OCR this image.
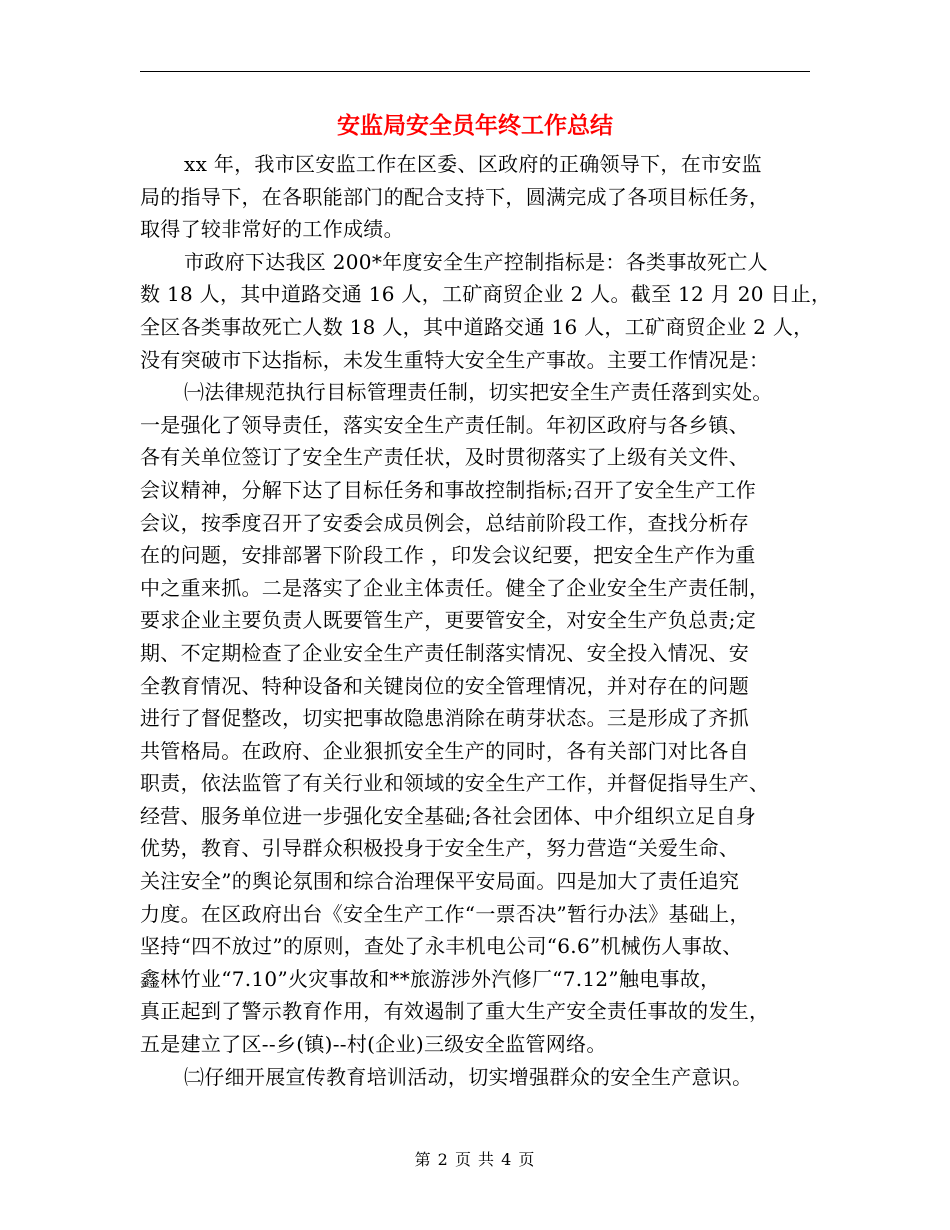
安监局安全员年终工作总结
xx 年，我市区安监工作在区委、区政府的正确领导下，在市安监
局的指导下，在各职能部门的配合支持下，圆满完成了各项目标任务，
取得了较非常好的工作成绩。
市政府下达我区 200*年度安全生产控制指标是：各类事故死亡人
数 18 人，其中道路交通 16 人，工矿商贸企业 2 人。截至 12 月 20 日止，
全区各类事故死亡人数 18 人，其中道路交通 16 人，工矿商贸企业 2 人，
没有突破市下达指标，未发生重特大安全生产事故。主要工作情况是：
㈠法律规范执行目标管理责任制，切实把安全生产责任落到实处。
一是强化了领导责任，落实安全生产责任制。年初区政府与各乡镇、
各有关单位签订了安全生产责任状，及时贯彻落实了上级有关文件、
会议精神，分解下达了目标任务和事故控制指标;召开了安全生产工作
会议，按季度召开了安委会成员例会，总结前阶段工作，查找分析存
在的问题，安排部署下阶段工作 ，印发会议纪要，把安全生产作为重
中之重来抓。二是落实了企业主体责任。健全了企业安全生产责任制，
要求企业主要负责人既要管生产，更要管安全，对安全生产负总责;定
期、不定期检查了企业安全生产责任制落实情况、安全投入情况、安
全教育情况、特种设备和关键岗位的安全管理情况，并对存在的问题
进行了督促整改，切实把事故隐患消除在萌芽状态。三是形成了齐抓
共管格局。在政府、企业狠抓安全生产的同时，各有关部门对比各自
职责，依法监管了有关行业和领域的安全生产工作，并督促指导生产、
经营、服务单位进一步强化安全基础;各社会团体、中介组织立足自身
优势，教育、引导群众积极投身于安全生产，努力营造“关爱生命、
关注安全”的舆论氛围和综合治理保平安局面。四是加大了责任追究
力度。在区政府出台《安全生产工作“一票否决”暂行办法》基础上，
坚持“四不放过”的原则，查处了永丰机电公司“6.6”机械伤人事故、
鑫林竹业“7.10”火灾事故和**旅游涉外汽修厂“7.12”触电事故，
真正起到了警示教育作用，有效遏制了重大生产安全责任事故的发生，
五是建立了区--乡(镇)--村(企业)三级安全监管网络。
㈡仔细开展宣传教育培训活动，切实增强群众的安全生产意识。
第 2 页 共 4 页
